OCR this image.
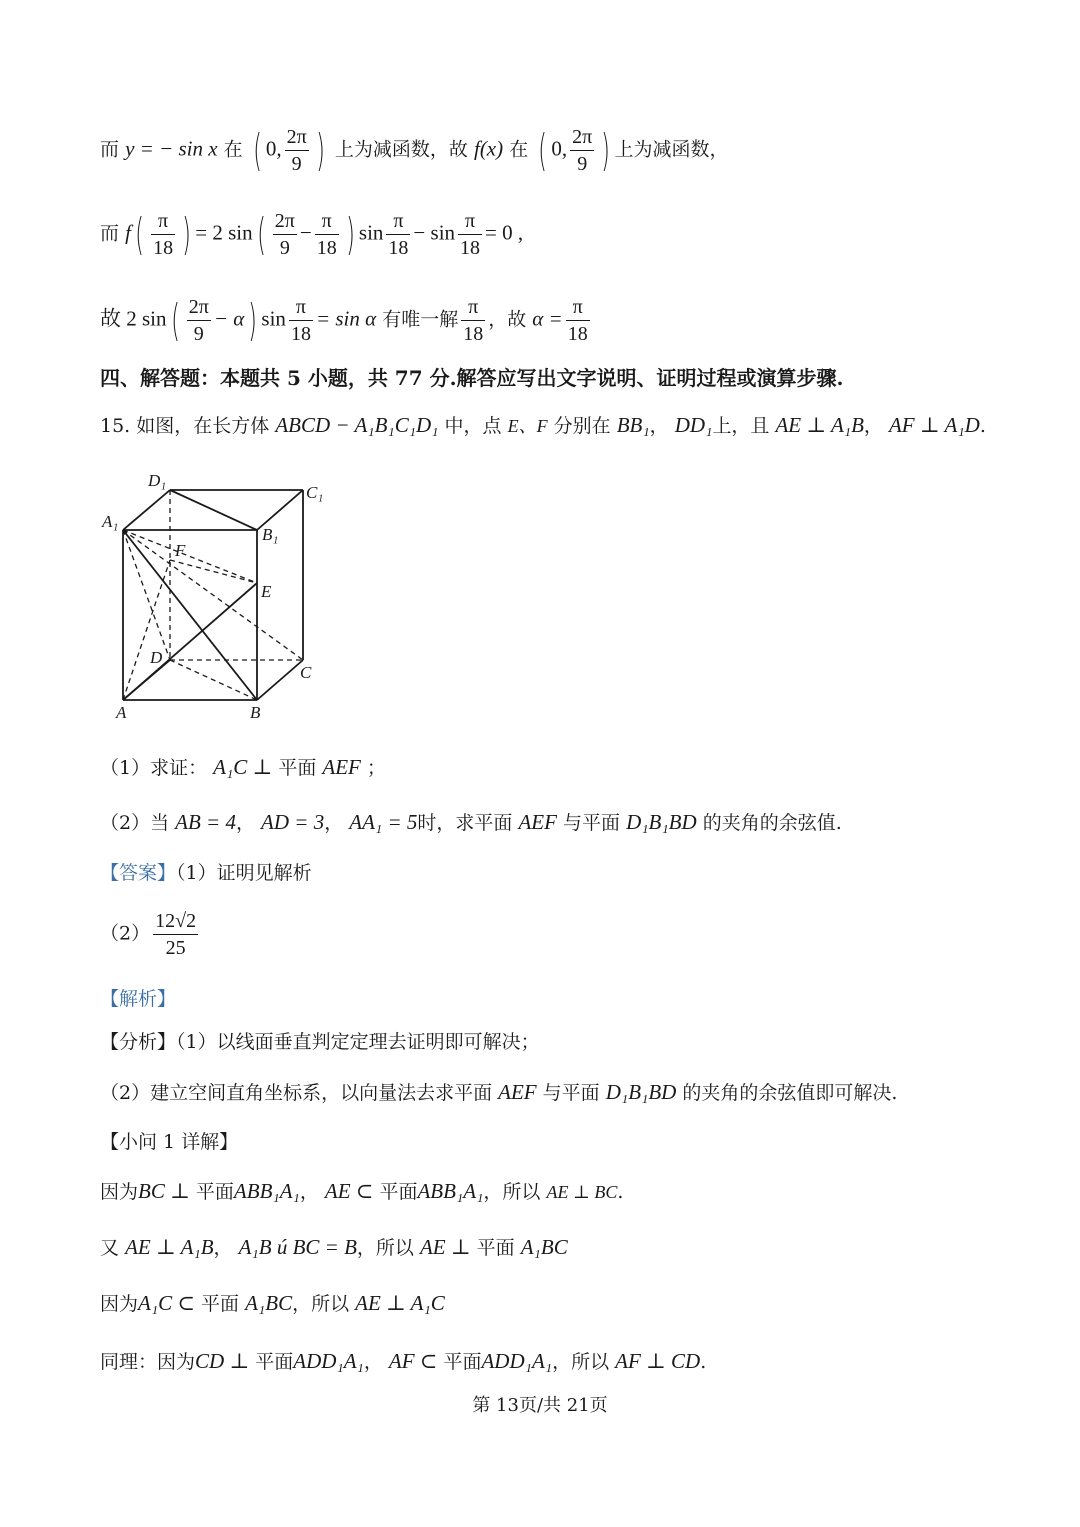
而 y = − sin x 在 ( 0, $\frac{2\pi}{9}$ ) 上为减函数，故 f(x) 在 ( 0, $\frac{2\pi}{9}$ ) 上为减函数，
而 $f( \frac{\pi}{18}$ ) = 2 $\sin( \frac{2\pi}{9} - \frac{\pi}{18}$ ) $\sin \frac{\pi}{18} - \sin \frac{\pi}{18} = 0$ ,
故 2 $\sin( \frac{2\pi}{9} - \alpha)$ $\sin \frac{\pi}{18} = \sin \alpha$ 有唯一解 $\frac{\pi}{18}$ ，故 $\alpha = \frac{\pi}{18}$
四、解答题：本题共 5 小题，共 77 分.解答应写出文字说明、证明过程或演算步骤.
15. 如图，在长方体 ABCD − A₁B₁C₁D₁ 中，点 E、F 分别在 BB₁， DD₁上，且 AE ⊥ A₁B， AF ⊥ A₁D.
D₁
C₁
A₁
B₁
F
E
D
C
A	B
（1）求证： A₁C ⊥ 平面 AEF ；
（2）当 AB = 4， AD = 3， AA₁ = 5时，求平面 AEF 与平面 D₁B₁BD 的夹角的余弦值.
【答案】（1）证明见解析
$(2) \frac{12√2}{25}$
【解析】
【分析】（1）以线面垂直判定定理去证明即可解决；
（2）建立空间直角坐标系，以向量法去求平面 AEF 与平面 D₁B₁BD 的夹角的余弦值即可解决.
【小问 1 详解】
因为BC ⊥ 平面ABB₁A₁， AE ⊂ 平面ABB₁A₁，所以 AE ⊥ BC.
又 AE ⊥ A₁B， A₁B ú BC = B，所以 AE ⊥ 平面 A₁BC
因为A₁C ⊂ 平面 A₁BC，所以 AE ⊥ A₁C
同理：因为CD ⊥ 平面ADD₁A₁， AF ⊂ 平面ADD₁A₁，所以 AF ⊥ CD.
第 13页/共 21页
